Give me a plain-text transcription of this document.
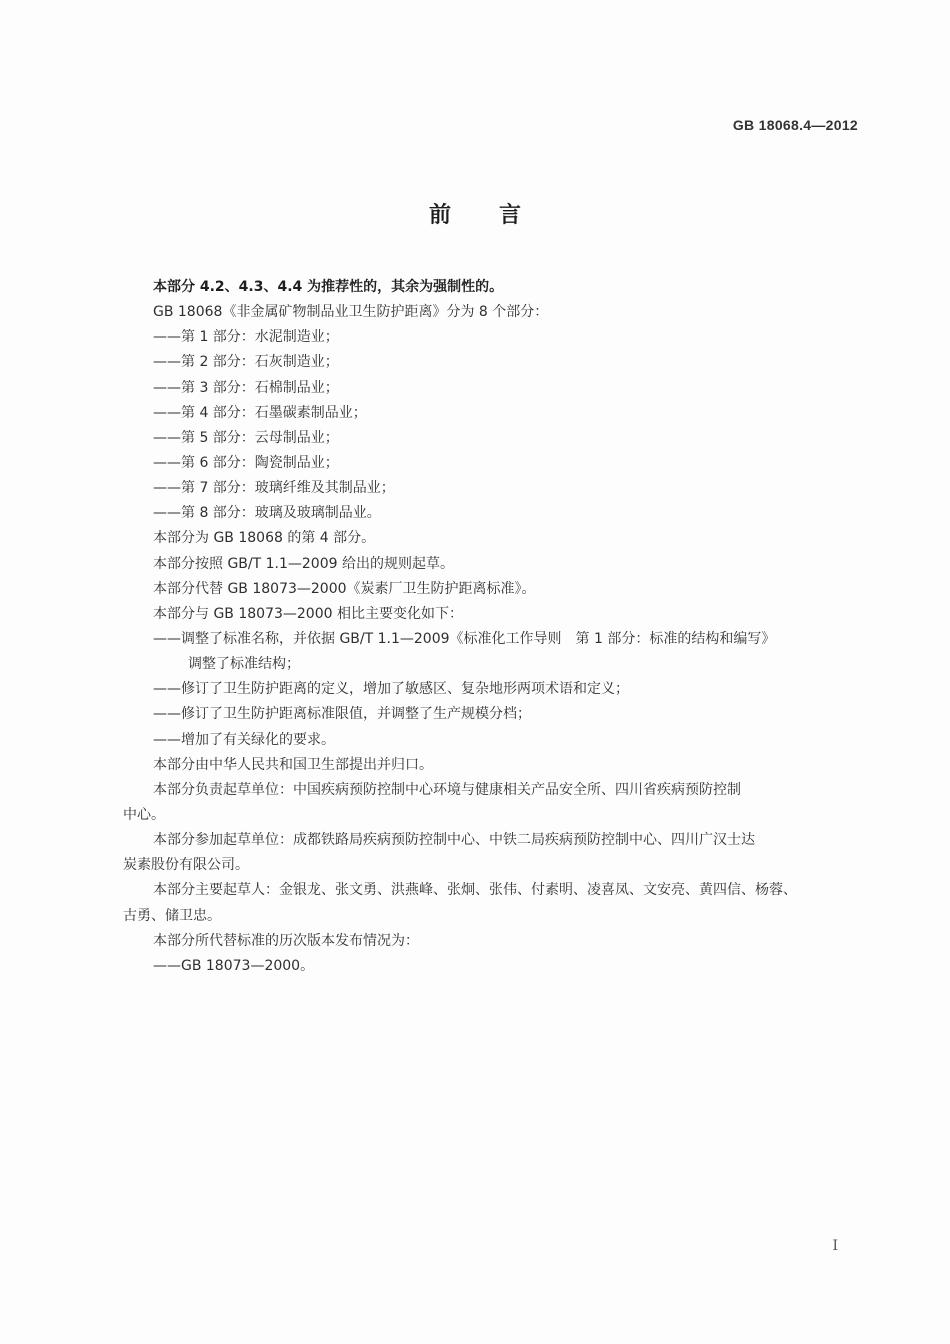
GB 18068.4—2012
前言
本部分 4.2、4.3、4.4 为推荐性的，其余为强制性的。
GB 18068《非金属矿物制品业卫生防护距离》分为 8 个部分：
——第 1 部分：水泥制造业；
——第 2 部分：石灰制造业；
——第 3 部分：石棉制品业；
——第 4 部分：石墨碳素制品业；
——第 5 部分：云母制品业；
——第 6 部分：陶瓷制品业；
——第 7 部分：玻璃纤维及其制品业；
——第 8 部分：玻璃及玻璃制品业。
本部分为 GB 18068 的第 4 部分。
本部分按照 GB/T 1.1—2009 给出的规则起草。
本部分代替 GB 18073—2000《炭素厂卫生防护距离标准》。
本部分与 GB 18073—2000 相比主要变化如下：
——调整了标准名称，并依据 GB/T 1.1—2009《标准化工作导则　第 1 部分：标准的结构和编写》
调整了标准结构；
——修订了卫生防护距离的定义，增加了敏感区、复杂地形两项术语和定义；
——修订了卫生防护距离标准限值，并调整了生产规模分档；
——增加了有关绿化的要求。
本部分由中华人民共和国卫生部提出并归口。
本部分负责起草单位：中国疾病预防控制中心环境与健康相关产品安全所、四川省疾病预防控制
中心。
本部分参加起草单位：成都铁路局疾病预防控制中心、中铁二局疾病预防控制中心、四川广汉士达
炭素股份有限公司。
本部分主要起草人：金银龙、张文勇、洪燕峰、张炯、张伟、付素明、凌喜凤、文安亮、黄四信、杨蓉、
古勇、储卫忠。
本部分所代替标准的历次版本发布情况为：
——GB 18073—2000。
I
